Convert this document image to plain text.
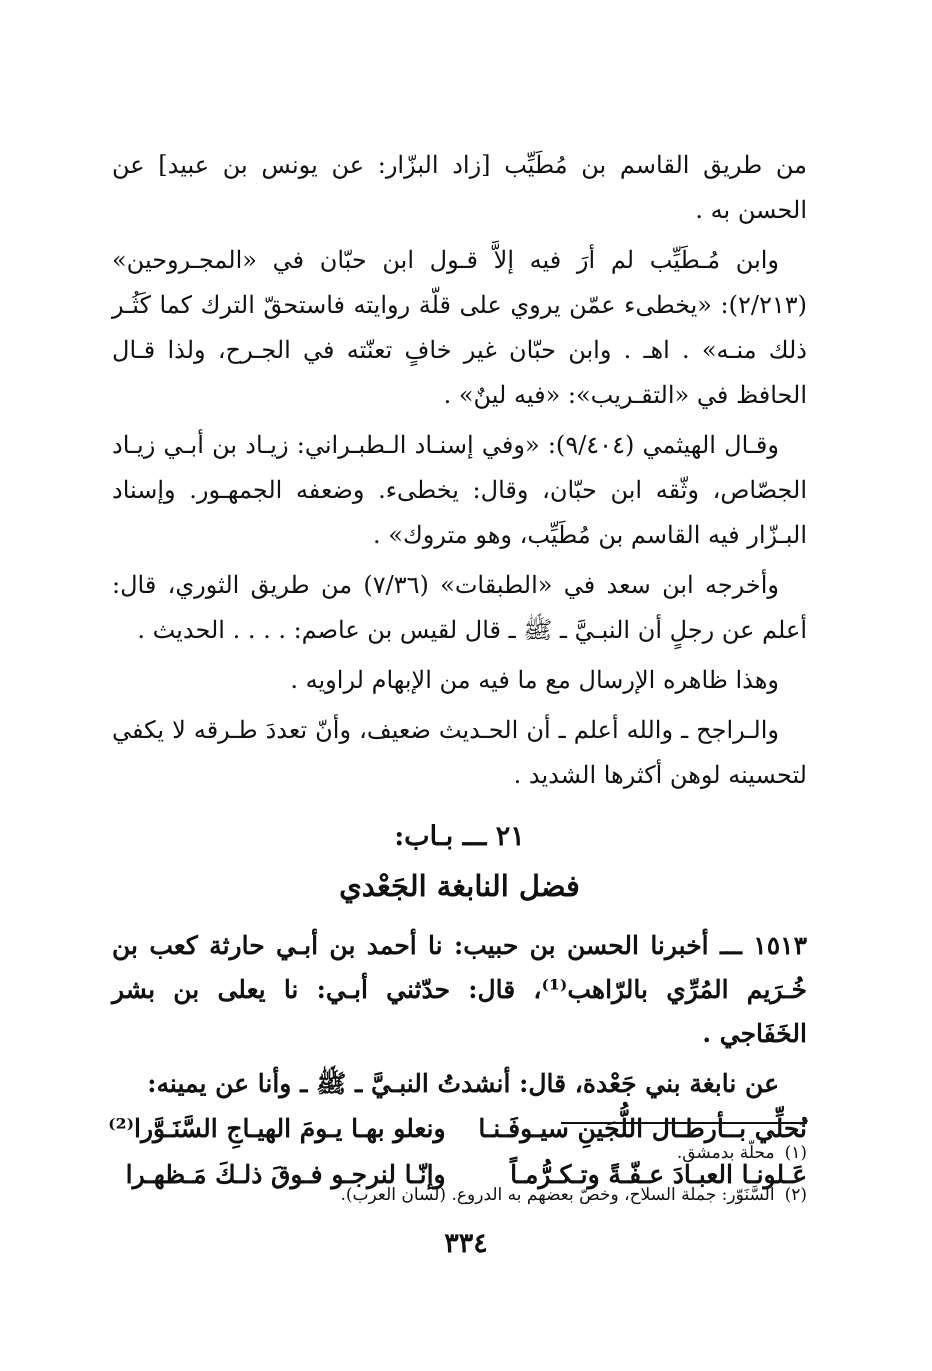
من طريق القاسم بن مُطَيِّب [زاد البزّار: عن يونس بن عبيد] عن الحسن به .

وابن مُـطَيِّب لم أرَ فيه إلاَّ قـول ابن حبّان في «المجـروحين» (٢/٢١٣): «يخطىء عمّن يروي على قلّة روايته فاستحقّ الترك كما كَثُـر ذلك منـه» . اهـ . وابن حبّان غير خافٍ تعنّته في الجـرح، ولذا قـال الحافظ في «التقـريب»: «فيه لينٌ» .

وقـال الهيثمي (٩/٤٠٤): «وفي إسنـاد الـطبـراني: زيـاد بن أبـي زيـاد الجصّاص، وثّقه ابن حبّان، وقال: يخطىء. وضعفه الجمهـور. وإسناد البـزّار فيه القاسم بن مُطَيِّب، وهو متروك» .

وأخرجه ابن سعد في «الطبقات» (٧/٣٦) من طريق الثوري، قال: أعلم عن رجلٍ أن النبـيَّ ـ ﷺ ـ قال لقيس بن عاصم: . . . . الحديث .

وهذا ظاهره الإرسال مع ما فيه من الإبهام لراويه .

والـراجح ـ والله أعلم ـ أن الحـديث ضعيف، وأنّ تعددَ طـرقه لا يكفي لتحسينه لوهن أكثرها الشديد .

٢١ ـــ بـاب:
فضل النابغة الجَعْدي
١٥١٣ ـــ أخبرنا الحسن بن حبيب: نا أحمد بن أبـي حارثة كعب بن خُـرَيم المُرِّي بالرّاهب⁽¹⁾، قال: حدّثني أبـي: نا يعلى بن بشر الخَفَاجي .
عن نابغة بني جَعْدة، قال: أنشدتُ النبـيَّ ـ ﷺ ـ وأنا عن يمينه:
نُحلِّي بــأرطـال اللُّجَينِ سيـوفَـنـا
ونعلو بهـا يـومَ الهيـاجِ السَّنَـوَّرا⁽²⁾
عَـلونـا العبـادَ عـفّـةً وتـكـرُّمـاً
وإنّـا لنرجـو فـوقَ ذلـكَ مَـظهـرا
(١)محلّة بدمشق.
(٢)السَّنَوّر: جملة السلاح، وخصّ بعضهم به الدروع. (لسان العرب).
٣٣٤
